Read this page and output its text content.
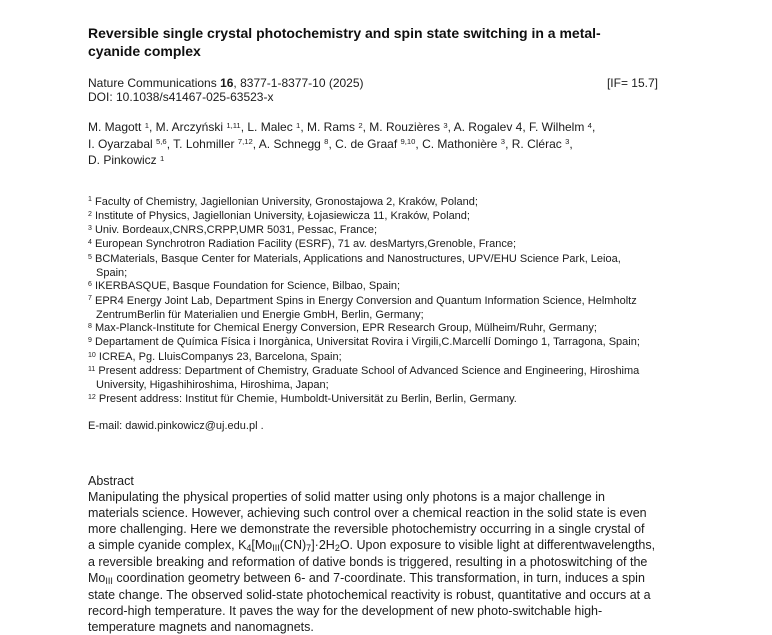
Reversible single crystal photochemistry and spin state switching in a metal-
cyanide complex
Nature Communications 16, 8377-1-8377-10 (2025)	[IF= 15.7]
DOI: 10.1038/s41467-025-63523-x
M. Magott $^1$, M. Arczyński $^{1,11}$, L. Malec $^1$, M. Rams $^2$, M. Rouzières $^3$, A. Rogalev 4, F. Wilhelm $^4$,
I. Oyarzabal $^{5,6}$, T. Lohmiller $^{7,12}$, A. Schnegg $^8$, C. de Graaf $^{9,10}$, C. Mathonière $^3$, R. Clérac $^3$,
D. Pinkowicz $^1$
$^1$ Faculty of Chemistry, Jagiellonian University, Gronostajowa 2, Kraków, Poland;
$^2$ Institute of Physics, Jagiellonian University, Łojasiewicza 11, Kraków, Poland;
$^3$ Univ. Bordeaux,CNRS,CRPP,UMR 5031, Pessac, France;
$^4$ European Synchrotron Radiation Facility (ESRF), 71 av. desMartyrs,Grenoble, France;
$^5$ BCMaterials, Basque Center for Materials, Applications and Nanostructures, UPV/EHU Science Park, Leioa,
Spain;
$^6$ IKERBASQUE, Basque Foundation for Science, Bilbao, Spain;
$^7$ EPR4 Energy Joint Lab, Department Spins in Energy Conversion and Quantum Information Science, Helmholtz
ZentrumBerlin für Materialien und Energie GmbH, Berlin, Germany;
$^8$ Max-Planck-Institute for Chemical Energy Conversion, EPR Research Group, Mülheim/Ruhr, Germany;
$^9$ Departament de Química Física i Inorgànica, Universitat Rovira i Virgili,C.Marcellí Domingo 1, Tarragona, Spain;
$^{10}$ ICREA, Pg. LluisCompanys 23, Barcelona, Spain;
$^{11}$ Present address: Department of Chemistry, Graduate School of Advanced Science and Engineering, Hiroshima
University, Higashihiroshima, Hiroshima, Japan;
$^{12}$ Present address: Institut für Chemie, Humboldt-Universität zu Berlin, Berlin, Germany.
E-mail: dawid.pinkowicz@uj.edu.pl .
Abstract
Manipulating the physical properties of solid matter using only photons is a major challenge in
materials science. However, achieving such control over a chemical reaction in the solid state is even
more challenging. Here we demonstrate the reversible photochemistry occurring in a single crystal of
a simple cyanide complex, $K_4[Mo_{III}(CN)_7]\cdot 2H_2O$. Upon exposure to visible light at differentwavelengths,
a reversible breaking and reformation of dative bonds is triggered, resulting in a photoswitching of the
$Mo_{III}$ coordination geometry between 6- and 7-coordinate. This transformation, in turn, induces a spin
state change. The observed solid-state photochemical reactivity is robust, quantitative and occurs at a
record-high temperature. It paves the way for the development of new photo-switchable high-
temperature magnets and nanomagnets.
